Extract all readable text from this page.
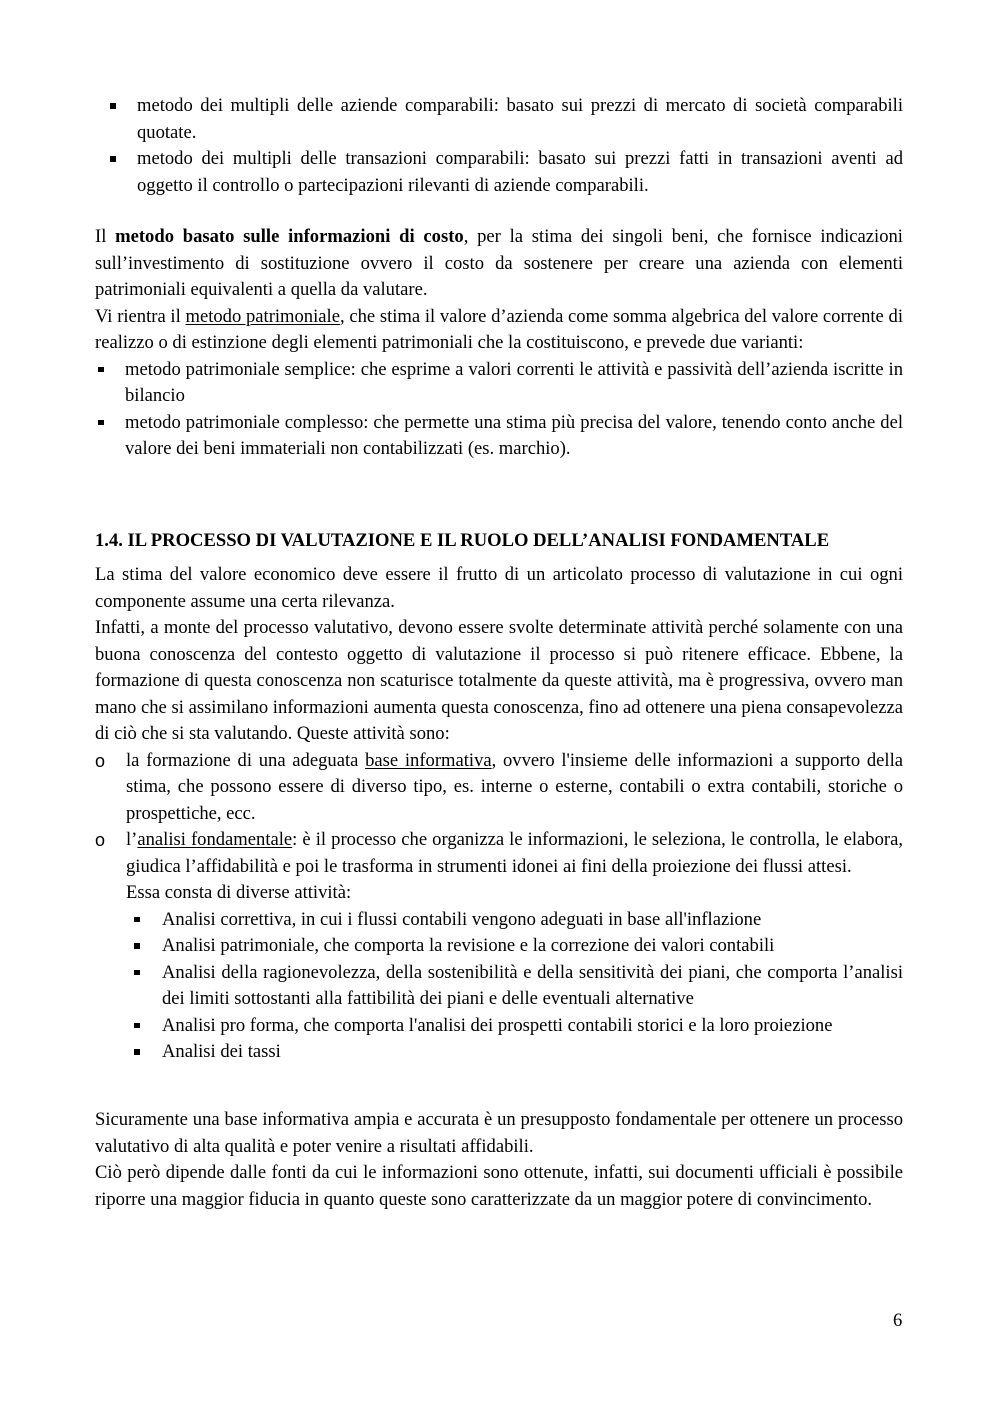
metodo dei multipli delle aziende comparabili: basato sui prezzi di mercato di società comparabili quotate.
metodo dei multipli delle transazioni comparabili: basato sui prezzi fatti in transazioni aventi ad oggetto il controllo o partecipazioni rilevanti di aziende comparabili.

Il metodo basato sulle informazioni di costo, per la stima dei singoli beni, che fornisce indicazioni sull’investimento di sostituzione ovvero il costo da sostenere per creare una azienda con elementi patrimoniali equivalenti a quella da valutare.

Vi rientra il metodo patrimoniale, che stima il valore d’azienda come somma algebrica del valore corrente di realizzo o di estinzione degli elementi patrimoniali che la costituiscono, e prevede due varianti:

metodo patrimoniale semplice: che esprime a valori correnti le attività e passività dell’azienda iscritte in bilancio
metodo patrimoniale complesso: che permette una stima più precisa del valore, tenendo conto anche del valore dei beni immateriali non contabilizzati (es. marchio).
1.4. IL PROCESSO DI VALUTAZIONE E IL RUOLO DELL’ANALISI FONDAMENTALE

La stima del valore economico deve essere il frutto di un articolato processo di valutazione in cui ogni componente assume una certa rilevanza.

Infatti, a monte del processo valutativo, devono essere svolte determinate attività perché solamente con una buona conoscenza del contesto oggetto di valutazione il processo si può ritenere efficace. Ebbene, la formazione di questa conoscenza non scaturisce totalmente da queste attività, ma è progressiva, ovvero man mano che si assimilano informazioni aumenta questa conoscenza, fino ad ottenere una piena consapevolezza di ciò che si sta valutando. Queste attività sono:

o la formazione di una adeguata base informativa, ovvero l'insieme delle informazioni a supporto della stima, che possono essere di diverso tipo, es. interne o esterne, contabili o extra contabili, storiche o prospettiche, ecc.
o l’analisi fondamentale: è il processo che organizza le informazioni, le seleziona, le controlla, le elabora, giudica l’affidabilità e poi le trasforma in strumenti idonei ai fini della proiezione dei flussi attesi.

Essa consta di diverse attività:

Analisi correttiva, in cui i flussi contabili vengono adeguati in base all'inflazione
Analisi patrimoniale, che comporta la revisione e la correzione dei valori contabili
Analisi della ragionevolezza, della sostenibilità e della sensitività dei piani, che comporta l’analisi dei limiti sottostanti alla fattibilità dei piani e delle eventuali alternative
Analisi pro forma, che comporta l'analisi dei prospetti contabili storici e la loro proiezione
Analisi dei tassi

Sicuramente una base informativa ampia e accurata è un presupposto fondamentale per ottenere un processo valutativo di alta qualità e poter venire a risultati affidabili.

Ciò però dipende dalle fonti da cui le informazioni sono ottenute, infatti, sui documenti ufficiali è possibile riporre una maggior fiducia in quanto queste sono caratterizzate da un maggior potere di convincimento.

6
